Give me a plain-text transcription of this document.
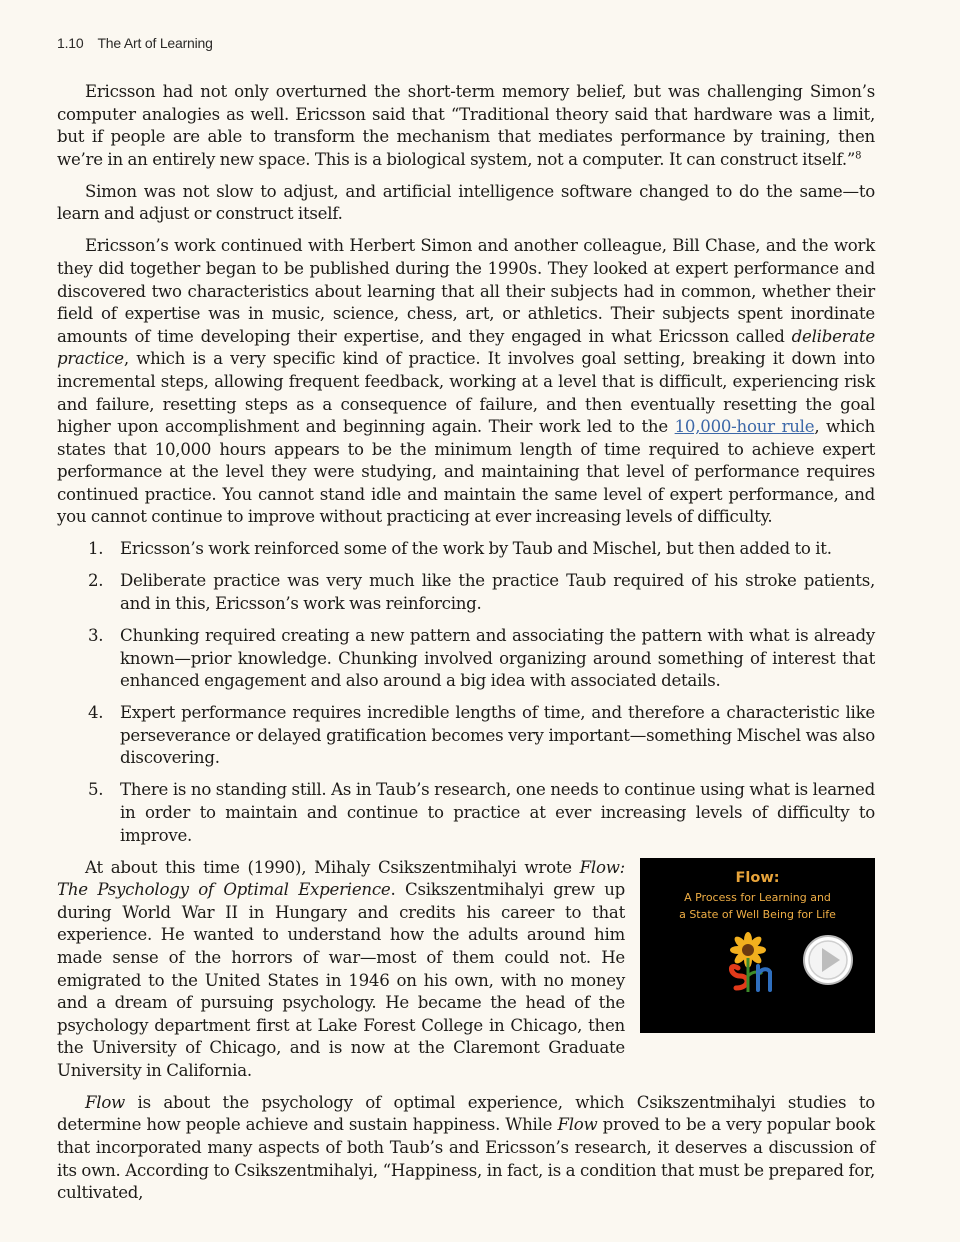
1.10 The Art of Learning

Ericsson had not only overturned the short-term memory belief, but was challenging Simon’s computer analogies as well. Ericsson said that “Traditional theory said that hardware was a limit, but if people are able to transform the mechanism that mediates performance by training, then we’re in an entirely new space. This is a biological system, not a computer. It can construct itself.”$^8$

Simon was not slow to adjust, and artificial intelligence software changed to do the same—to learn and adjust or construct itself.

Ericsson’s work continued with Herbert Simon and another colleague, Bill Chase, and the work they did together began to be published during the 1990s. They looked at expert performance and discovered two characteristics about learning that all their subjects had in common, whether their field of expertise was in music, science, chess, art, or athletics. Their subjects spent inordinate amounts of time developing their expertise, and they engaged in what Ericsson called deliberate practice, which is a very specific kind of practice. It involves goal setting, breaking it down into incremental steps, allowing frequent feedback, working at a level that is difficult, experiencing risk and failure, resetting steps as a consequence of failure, and then eventually resetting the goal higher upon accomplishment and beginning again. Their work led to the 10,000-hour rule, which states that 10,000 hours appears to be the minimum length of time required to achieve expert performance at the level they were studying, and maintaining that level of performance requires continued practice. You cannot stand idle and maintain the same level of expert performance, and you cannot continue to improve without practicing at ever increasing levels of difficulty.

1. Ericsson’s work reinforced some of the work by Taub and Mischel, but then added to it.
2. Deliberate practice was very much like the practice Taub required of his stroke patients, and in this, Ericsson’s work was reinforcing.
3. Chunking required creating a new pattern and associating the pattern with what is already known—prior knowledge. Chunking involved organizing around something of interest that enhanced engagement and also around a big idea with associated details.
4. Expert performance requires incredible lengths of time, and therefore a characteristic like perseverance or delayed gratification becomes very important—something Mischel was also discovering.
5. There is no standing still. As in Taub’s research, one needs to continue using what is learned in order to maintain and continue to practice at ever increasing levels of difficulty to improve.

At about this time (1990), Mihaly Csikszentmihalyi wrote Flow: The Psychology of Optimal Experience. Csikszentmihalyi grew up during World War II in Hungary and credits his career to that experience. He wanted to understand how the adults around him made sense of the horrors of war—most of them could not. He emigrated to the United States in 1946 on his own, with no money and a dream of pursuing psychology. He became the head of the psychology department first at Lake Forest College in Chicago, then the University of Chicago, and is now at the Claremont Graduate University in California.

Flow:
A Process for Learning and
a State of Well Being for Life

Flow is about the psychology of optimal experience, which Csikszentmihalyi studies to determine how people achieve and sustain happiness. While Flow proved to be a very popular book that incorporated many aspects of both Taub’s and Ericsson’s research, it deserves a discussion of its own. According to Csikszentmihalyi, “Happiness, in fact, is a condition that must be prepared for, cultivated,
